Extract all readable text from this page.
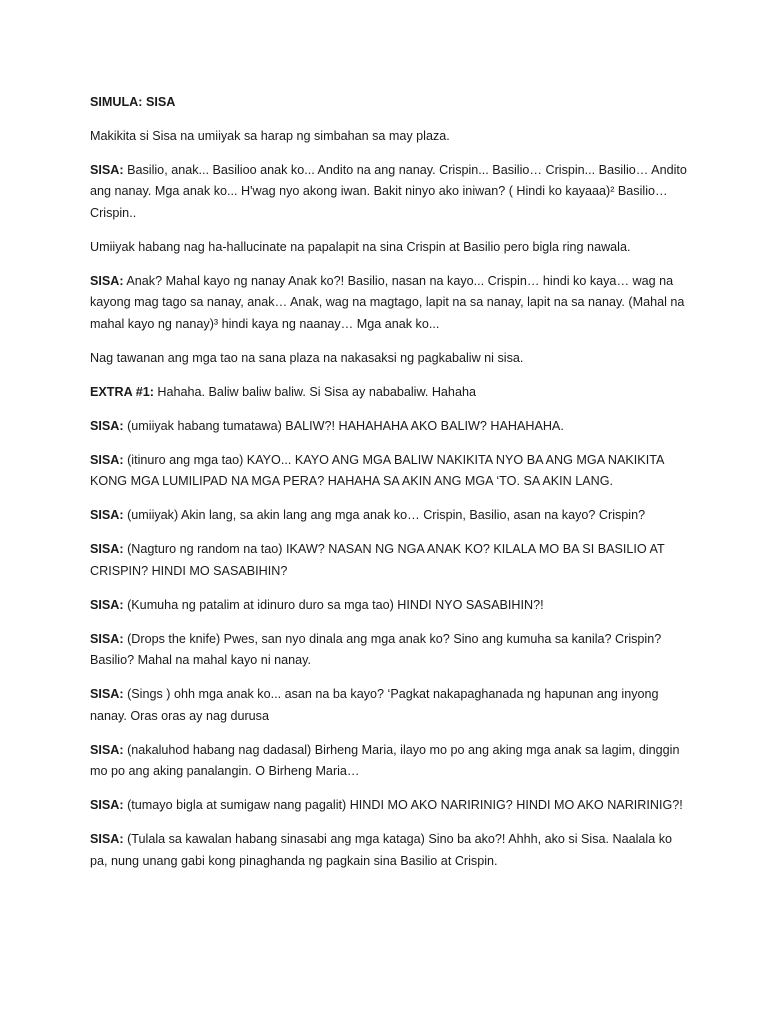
SIMULA: SISA

Makikita si Sisa na umiiyak sa harap ng simbahan sa may plaza.

SISA: Basilio, anak... Basilioo anak ko... Andito na ang nanay. Crispin... Basilio… Crispin... Basilio… Andito ang nanay. Mga anak ko... H'wag nyo akong iwan. Bakit ninyo ako iniwan? ( Hindi ko kayaaa)² Basilio… Crispin..

Umiiyak habang nag ha-hallucinate na papalapit na sina Crispin at Basilio pero bigla ring nawala.

SISA: Anak? Mahal kayo ng nanay Anak ko?! Basilio, nasan na kayo... Crispin… hindi ko kaya… wag na kayong mag tago sa nanay, anak… Anak, wag na magtago, lapit na sa nanay, lapit na sa nanay. (Mahal na mahal kayo ng nanay)³ hindi kaya ng naanay… Mga anak ko...

Nag tawanan ang mga tao na sana plaza na nakasaksi ng pagkabaliw ni sisa.

EXTRA #1: Hahaha. Baliw baliw baliw. Si Sisa ay nababaliw. Hahaha

SISA: (umiiyak habang tumatawa) BALIW?! HAHAHAHA AKO BALIW? HAHAHAHA.

SISA: (itinuro ang mga tao) KAYO... KAYO ANG MGA BALIW NAKIKITA NYO BA ANG MGA NAKIKITA KONG MGA LUMILIPAD NA MGA PERA? HAHAHA SA AKIN ANG MGA ‘TO. SA AKIN LANG.

SISA: (umiiyak) Akin lang, sa akin lang ang mga anak ko… Crispin, Basilio, asan na kayo? Crispin?

SISA: (Nagturo ng random na tao) IKAW? NASAN NG NGA ANAK KO? KILALA MO BA SI BASILIO AT CRISPIN? HINDI MO SASABIHIN?

SISA: (Kumuha ng patalim at idinuro duro sa mga tao) HINDI NYO SASABIHIN?!

SISA: (Drops the knife) Pwes, san nyo dinala ang mga anak ko? Sino ang kumuha sa kanila? Crispin? Basilio? Mahal na mahal kayo ni nanay.

SISA: (Sings ) ohh mga anak ko... asan na ba kayo? ‘Pagkat nakapaghanada ng hapunan ang inyong nanay. Oras oras ay nag durusa

SISA: (nakaluhod habang nag dadasal) Birheng Maria, ilayo mo po ang aking mga anak sa lagim, dinggin mo po ang aking panalangin. O Birheng Maria…

SISA: (tumayo bigla at sumigaw nang pagalit) HINDI MO AKO NARIRINIG? HINDI MO AKO NARIRINIG?!

SISA: (Tulala sa kawalan habang sinasabi ang mga kataga) Sino ba ako?! Ahhh, ako si Sisa. Naalala ko pa, nung unang gabi kong pinaghanda ng pagkain sina Basilio at Crispin.
